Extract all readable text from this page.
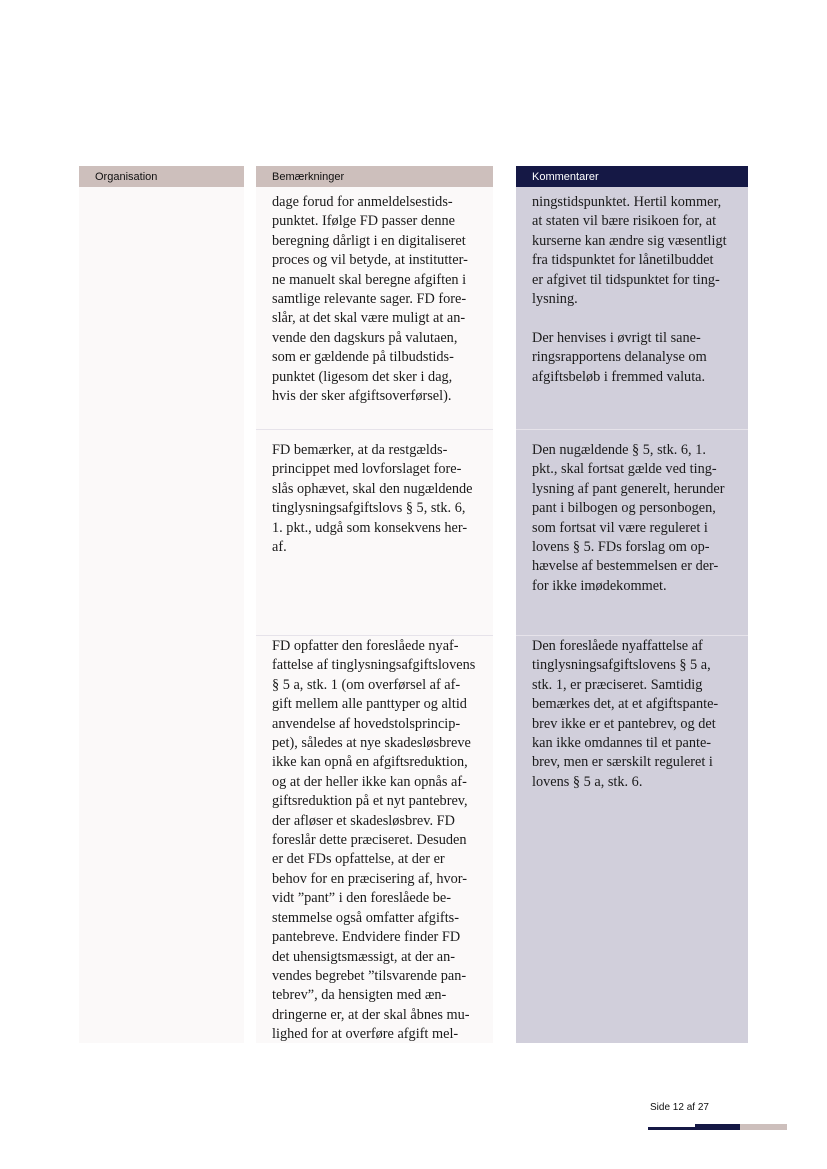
Organisation	Bemærkninger
dage forud for anmeldelsestids-
punktet. Ifølge FD passer denne
beregning dårligt i en digitaliseret
proces og vil betyde, at institutter-
ne manuelt skal beregne afgiften i
samtlige relevante sager. FD fore-
slår, at det skal være muligt at an-
vende den dagskurs på valutaen,
som er gældende på tilbudstids-
punktet (ligesom det sker i dag,
hvis der sker afgiftsoverførsel).
FD bemærker, at da restgælds-
princippet med lovforslaget fore-
slås ophævet, skal den nugældende
tinglysningsafgiftslovs § 5, stk. 6,
1. pkt., udgå som konsekvens her-
af.
FD opfatter den foreslåede nyaf-
fattelse af tinglysningsafgiftslovens
§ 5 a, stk. 1 (om overførsel af af-
gift mellem alle panttyper og altid
anvendelse af hovedstolsprincip-
pet), således at nye skadesløsbreve
ikke kan opnå en afgiftsreduktion,
og at der heller ikke kan opnås af-
giftsreduktion på et nyt pantebrev,
der afløser et skadesløsbrev. FD
foreslår dette præciseret. Desuden
er det FDs opfattelse, at der er
behov for en præcisering af, hvor-
vidt ”pant” i den foreslåede be-
stemmelse også omfatter afgifts-
pantebreve. Endvidere finder FD
det uhensigtsmæssigt, at der an-
vendes begrebet ”tilsvarende pan-
tebrev”, da hensigten med æn-
dringerne er, at der skal åbnes mu-
lighed for at overføre afgift mel-
Kommentarer
ningstidspunktet. Hertil kommer,
at staten vil bære risikoen for, at
kurserne kan ændre sig væsentligt
fra tidspunktet for lånetilbuddet
er afgivet til tidspunktet for ting-
lysning.

Der henvises i øvrigt til sane-
ringsrapportens delanalyse om
afgiftsbeløb i fremmed valuta.
Den nugældende § 5, stk. 6, 1.
pkt., skal fortsat gælde ved ting-
lysning af pant generelt, herunder
pant i bilbogen og personbogen,
som fortsat vil være reguleret i
lovens § 5. FDs forslag om op-
hævelse af bestemmelsen er der-
for ikke imødekommet.
Den foreslåede nyaffattelse af
tinglysningsafgiftslovens § 5 a,
stk. 1, er præciseret. Samtidig
bemærkes det, at et afgiftspante-
brev ikke er et pantebrev, og det
kan ikke omdannes til et pante-
brev, men er særskilt reguleret i
lovens § 5 a, stk. 6.
Side 12 af 27
